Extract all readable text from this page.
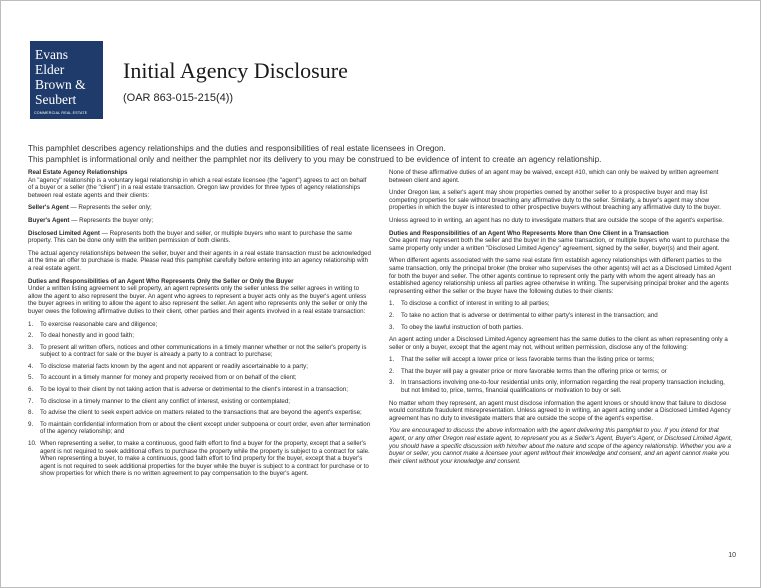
Evans
Elder
Brown &
Seubert
COMMERCIAL REAL ESTATE
Initial Agency Disclosure
(OAR 863-015-215(4))

This pamphlet describes agency relationships and the duties and responsibilities of real estate licensees in Oregon.

This pamphlet is informational only and neither the pamphlet nor its delivery to you may be construed to be evidence of intent to create an agency relationship.

Real Estate Agency Relationships

An "agency" relationship is a voluntary legal relationship in which a real estate licensee (the "agent") agrees to act on behalf of a buyer or a seller (the "client") in a real estate transaction. Oregon law provides for three types of agency relationships between real estate agents and their clients:

Seller's Agent — Represents the seller only;

Buyer's Agent — Represents the buyer only;

Disclosed Limited Agent — Represents both the buyer and seller, or multiple buyers who want to purchase the same property. This can be done only with the written permission of both clients.

The actual agency relationships between the seller, buyer and their agents in a real estate transaction must be acknowledged at the time an offer to purchase is made. Please read this pamphlet carefully before entering into an agency relationship with a real estate agent.

Duties and Responsibilities of an Agent Who Represents Only the Seller or Only the Buyer

Under a written listing agreement to sell property, an agent represents only the seller unless the seller agrees in writing to allow the agent to also represent the buyer. An agent who agrees to represent a buyer acts only as the buyer's agent unless the buyer agrees in writing to allow the agent to also represent the seller. An agent who represents only the seller or only the buyer owes the following affirmative duties to their client, other parties and their agents involved in a real estate transaction:

1. To exercise reasonable care and diligence;
2. To deal honestly and in good faith;
3. To present all written offers, notices and other communications in a timely manner whether or not the seller's property is subject to a contract for sale or the buyer is already a party to a contract to purchase;
4. To disclose material facts known by the agent and not apparent or readily ascertainable to a party;
5. To account in a timely manner for money and property received from or on behalf of the client;
6. To be loyal to their client by not taking action that is adverse or detrimental to the client's interest in a transaction;
7. To disclose in a timely manner to the client any conflict of interest, existing or contemplated;
8. To advise the client to seek expert advice on matters related to the transactions that are beyond the agent's expertise;
9. To maintain confidential information from or about the client except under subpoena or court order, even after termination of the agency relationship; and
10. When representing a seller, to make a continuous, good faith effort to find a buyer for the property, except that a seller's agent is not required to seek additional offers to purchase the property while the property is subject to a contract for sale. When representing a buyer, to make a continuous, good faith effort to find property for the buyer, except that a buyer's agent is not required to seek additional properties for the buyer while the buyer is subject to a contract for purchase or to show properties for which there is no written agreement to pay compensation to the buyer's agent.

None of these affirmative duties of an agent may be waived, except #10, which can only be waived by written agreement between client and agent.

Under Oregon law, a seller's agent may show properties owned by another seller to a prospective buyer and may list competing properties for sale without breaching any affirmative duty to the seller. Similarly, a buyer's agent may show properties in which the buyer is interested to other prospective buyers without breaching any affirmative duty to the buyer.

Unless agreed to in writing, an agent has no duty to investigate matters that are outside the scope of the agent's expertise.

Duties and Responsibilities of an Agent Who Represents More than One Client in a Transaction

One agent may represent both the seller and the buyer in the same transaction, or multiple buyers who want to purchase the same property only under a written "Disclosed Limited Agency" agreement, signed by the seller, buyer(s) and their agent.

When different agents associated with the same real estate firm establish agency relationships with different parties to the same transaction, only the principal broker (the broker who supervises the other agents) will act as a Disclosed Limited Agent for both the buyer and seller. The other agents continue to represent only the party with whom the agent already has an established agency relationship unless all parties agree otherwise in writing. The supervising principal broker and the agents representing either the seller or the buyer have the following duties to their clients:

1. To disclose a conflict of interest in writing to all parties;
2. To take no action that is adverse or detrimental to either party's interest in the transaction; and
3. To obey the lawful instruction of both parties.

An agent acting under a Disclosed Limited Agency agreement has the same duties to the client as when representing only a seller or only a buyer, except that the agent may not, without written permission, disclose any of the following:

1. That the seller will accept a lower price or less favorable terms than the listing price or terms;
2. That the buyer will pay a greater price or more favorable terms than the offering price or terms; or
3. In transactions involving one-to-four residential units only, information regarding the real property transaction including, but not limited to, price, terms, financial qualifications or motivation to buy or sell.

No matter whom they represent, an agent must disclose information the agent knows or should know that failure to disclose would constitute fraudulent misrepresentation. Unless agreed to in writing, an agent acting under a Disclosed Limited Agency agreement has no duty to investigate matters that are outside the scope of the agent's expertise.

You are encouraged to discuss the above information with the agent delivering this pamphlet to you. If you intend for that agent, or any other Oregon real estate agent, to represent you as a Seller's Agent, Buyer's Agent, or Disclosed Limited Agent, you should have a specific discussion with him/her about the nature and scope of the agency relationship. Whether you are a buyer or seller, you cannot make a licensee your agent without their knowledge and consent, and an agent cannot make you their client without your knowledge and consent.

10
